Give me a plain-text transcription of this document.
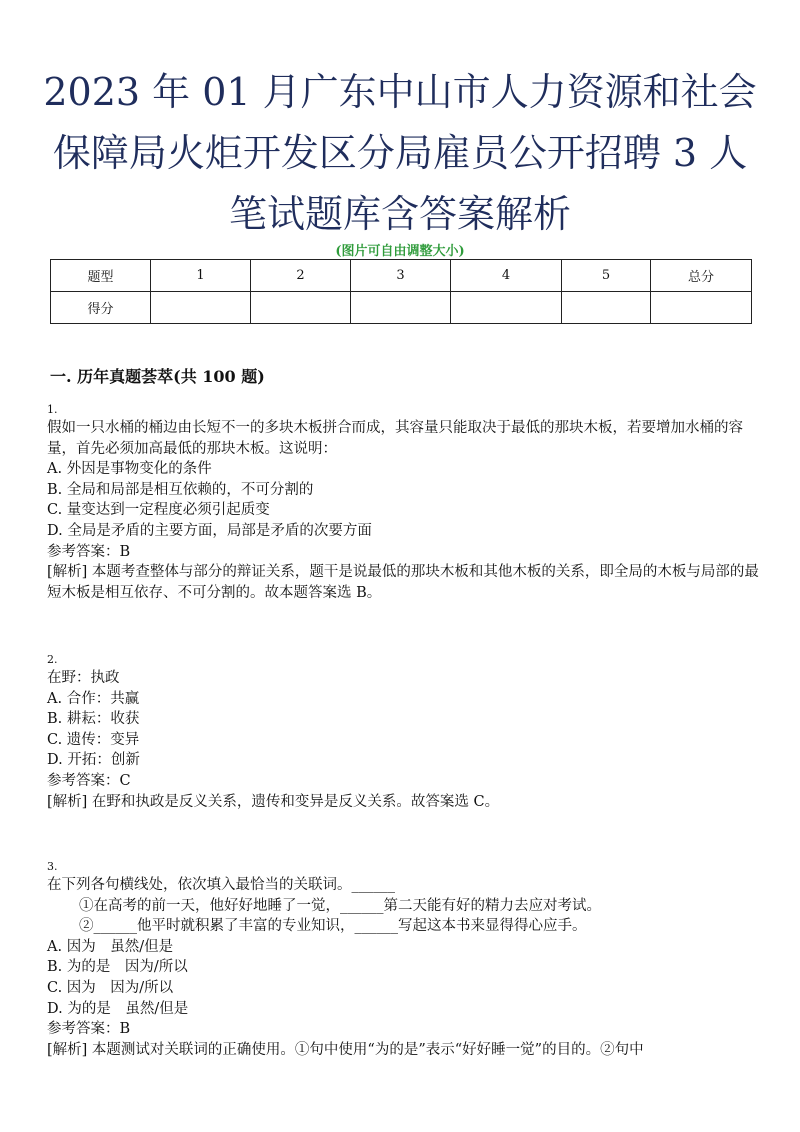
2023 年 01 月广东中山市人力资源和社会
保障局火炬开发区分局雇员公开招聘 3 人
笔试题库含答案解析
(图片可自由调整大小)
题型	1	2	3	4	5	总分
得分						
一. 历年真题荟萃(共 100 题)
1.
假如一只水桶的桶边由长短不一的多块木板拼合而成，其容量只能取决于最低的那块木板，若要增加水桶的容量，首先必须加高最低的那块木板。这说明：
A. 外因是事物变化的条件
B. 全局和局部是相互依赖的，不可分割的
C. 量变达到一定程度必须引起质变
D. 全局是矛盾的主要方面，局部是矛盾的次要方面
参考答案：B
[解析] 本题考查整体与部分的辩证关系，题干是说最低的那块木板和其他木板的关系，即全局的木板与局部的最短木板是相互依存、不可分割的。故本题答案选 B。
2.
在野：执政
A. 合作：共赢
B. 耕耘：收获
C. 遗传：变异
D. 开拓：创新
参考答案：C
[解析] 在野和执政是反义关系，遗传和变异是反义关系。故答案选 C。
3.
在下列各句横线处，依次填入最恰当的关联词。______
①在高考的前一天，他好好地睡了一觉，______第二天能有好的精力去应对考试。
②______他平时就积累了丰富的专业知识，______写起这本书来显得得心应手。
A. 因为　虽然/但是
B. 为的是　因为/所以
C. 因为　因为/所以
D. 为的是　虽然/但是
参考答案：B
[解析] 本题测试对关联词的正确使用。①句中使用“为的是”表示“好好睡一觉”的目的。②句中
